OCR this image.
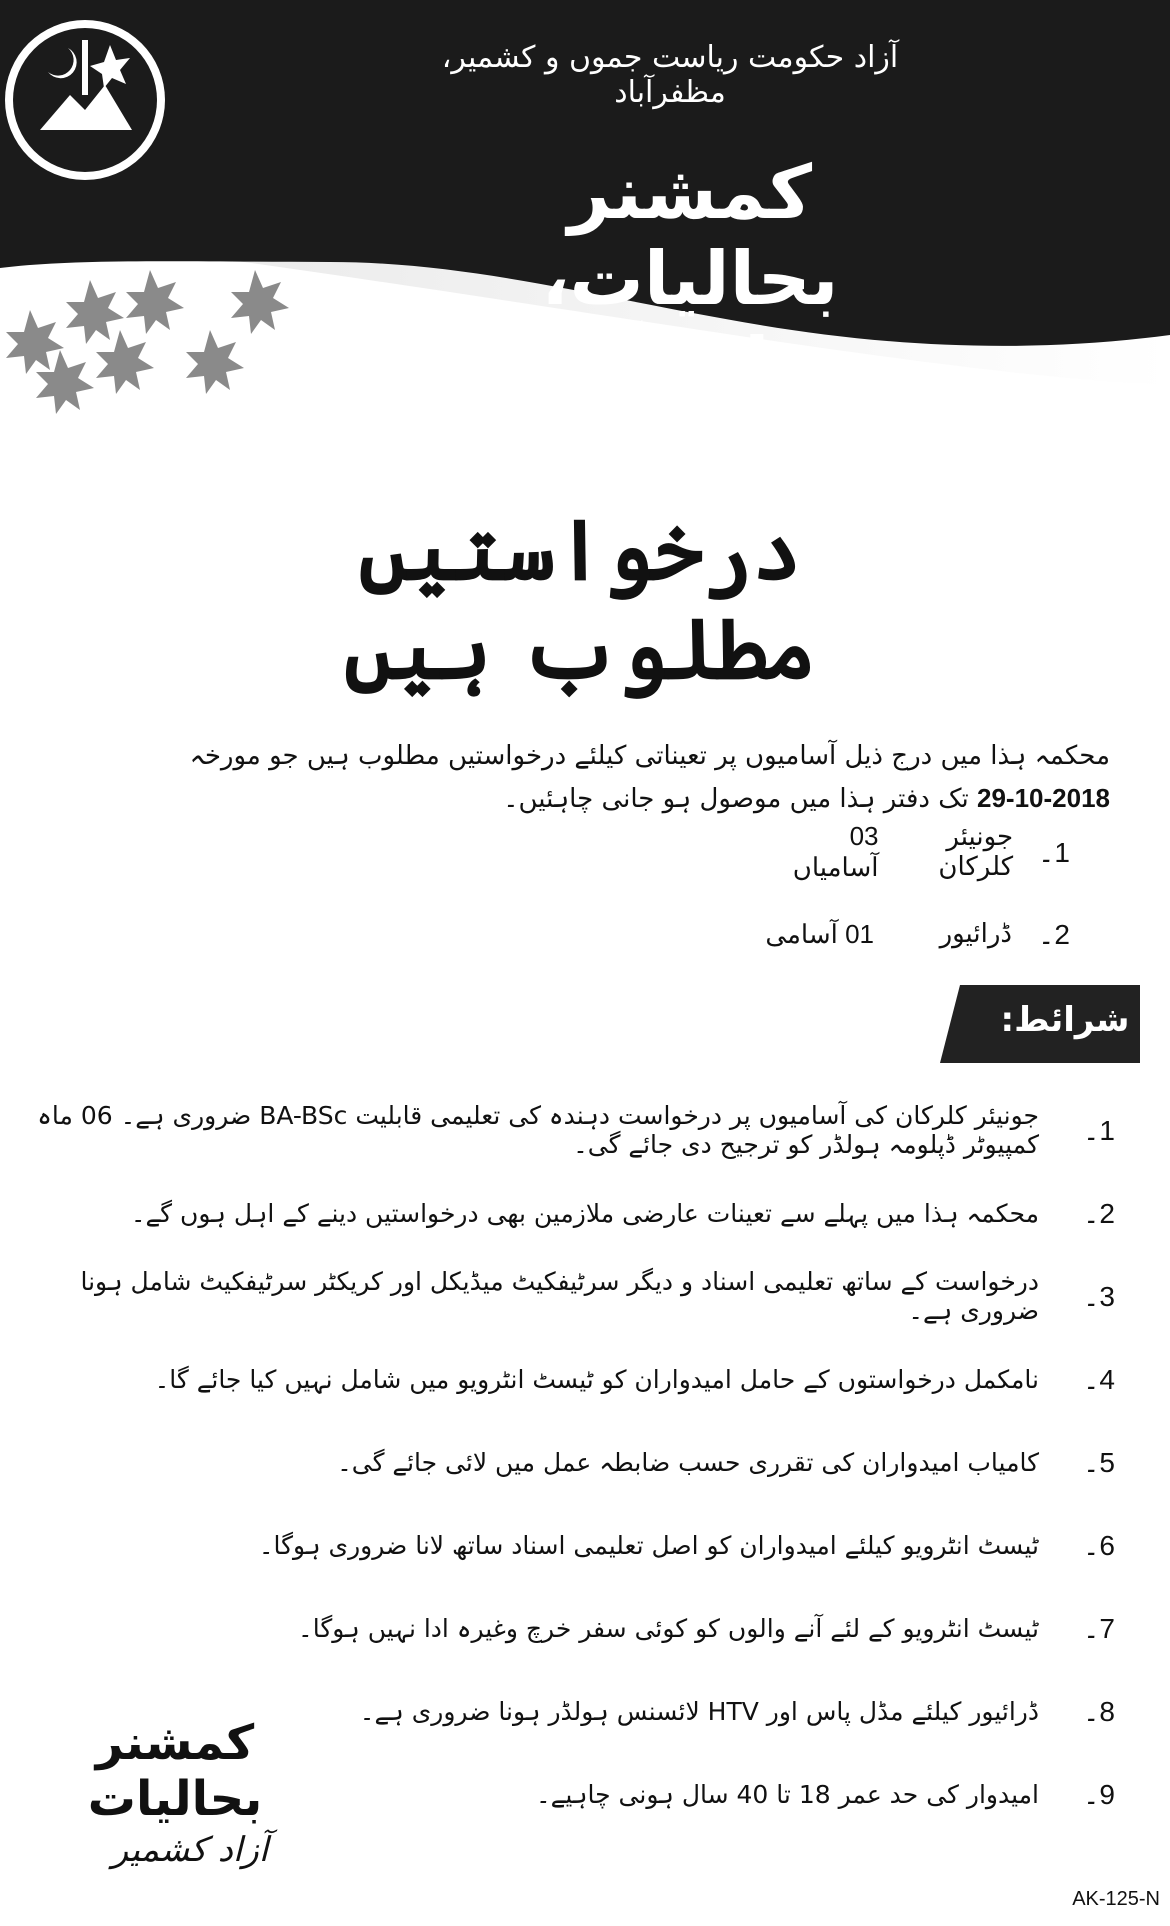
آزاد حکومت ریاست جموں و کشمیر، مظفرآباد
کمشنر بحالیات، مظفرآباد
درخواستیں مطلوب ہیں
محکمہ ہذا میں درج ذیل آسامیوں پر تعیناتی کیلئے درخواستیں مطلوب ہیں جو مورخہ 29-10-2018 تک دفتر ہذا میں موصول ہو جانی چاہئیں۔
1۔
جونیئر کلرکان
03 آسامیاں
2۔
ڈرائیور
01 آسامی
شرائط:
1۔
جونیئر کلرکان کی آسامیوں پر درخواست دہندہ کی تعلیمی قابلیت BA-BSc ضروری ہے۔ 06 ماہ کمپیوٹر ڈپلومہ ہولڈر کو ترجیح دی جائے گی۔
2۔
محکمہ ہذا میں پہلے سے تعینات عارضی ملازمین بھی درخواستیں دینے کے اہل ہوں گے۔
3۔
درخواست کے ساتھ تعلیمی اسناد و دیگر سرٹیفکیٹ میڈیکل اور کریکٹر سرٹیفکیٹ شامل ہونا ضروری ہے۔
4۔
نامکمل درخواستوں کے حامل امیدواران کو ٹیسٹ انٹرویو میں شامل نہیں کیا جائے گا۔
5۔
کامیاب امیدواران کی تقرری حسب ضابطہ عمل میں لائی جائے گی۔
6۔
ٹیسٹ انٹرویو کیلئے امیدواران کو اصل تعلیمی اسناد ساتھ لانا ضروری ہوگا۔
7۔
ٹیسٹ انٹرویو کے لئے آنے والوں کو کوئی سفر خرچ وغیرہ ادا نہیں ہوگا۔
8۔
ڈرائیور کیلئے مڈل پاس اور HTV لائسنس ہولڈر ہونا ضروری ہے۔
9۔
امیدوار کی حد عمر 18 تا 40 سال ہونی چاہیے۔
کمشنر بحالیات
آزاد کشمیر
AK-125-N
